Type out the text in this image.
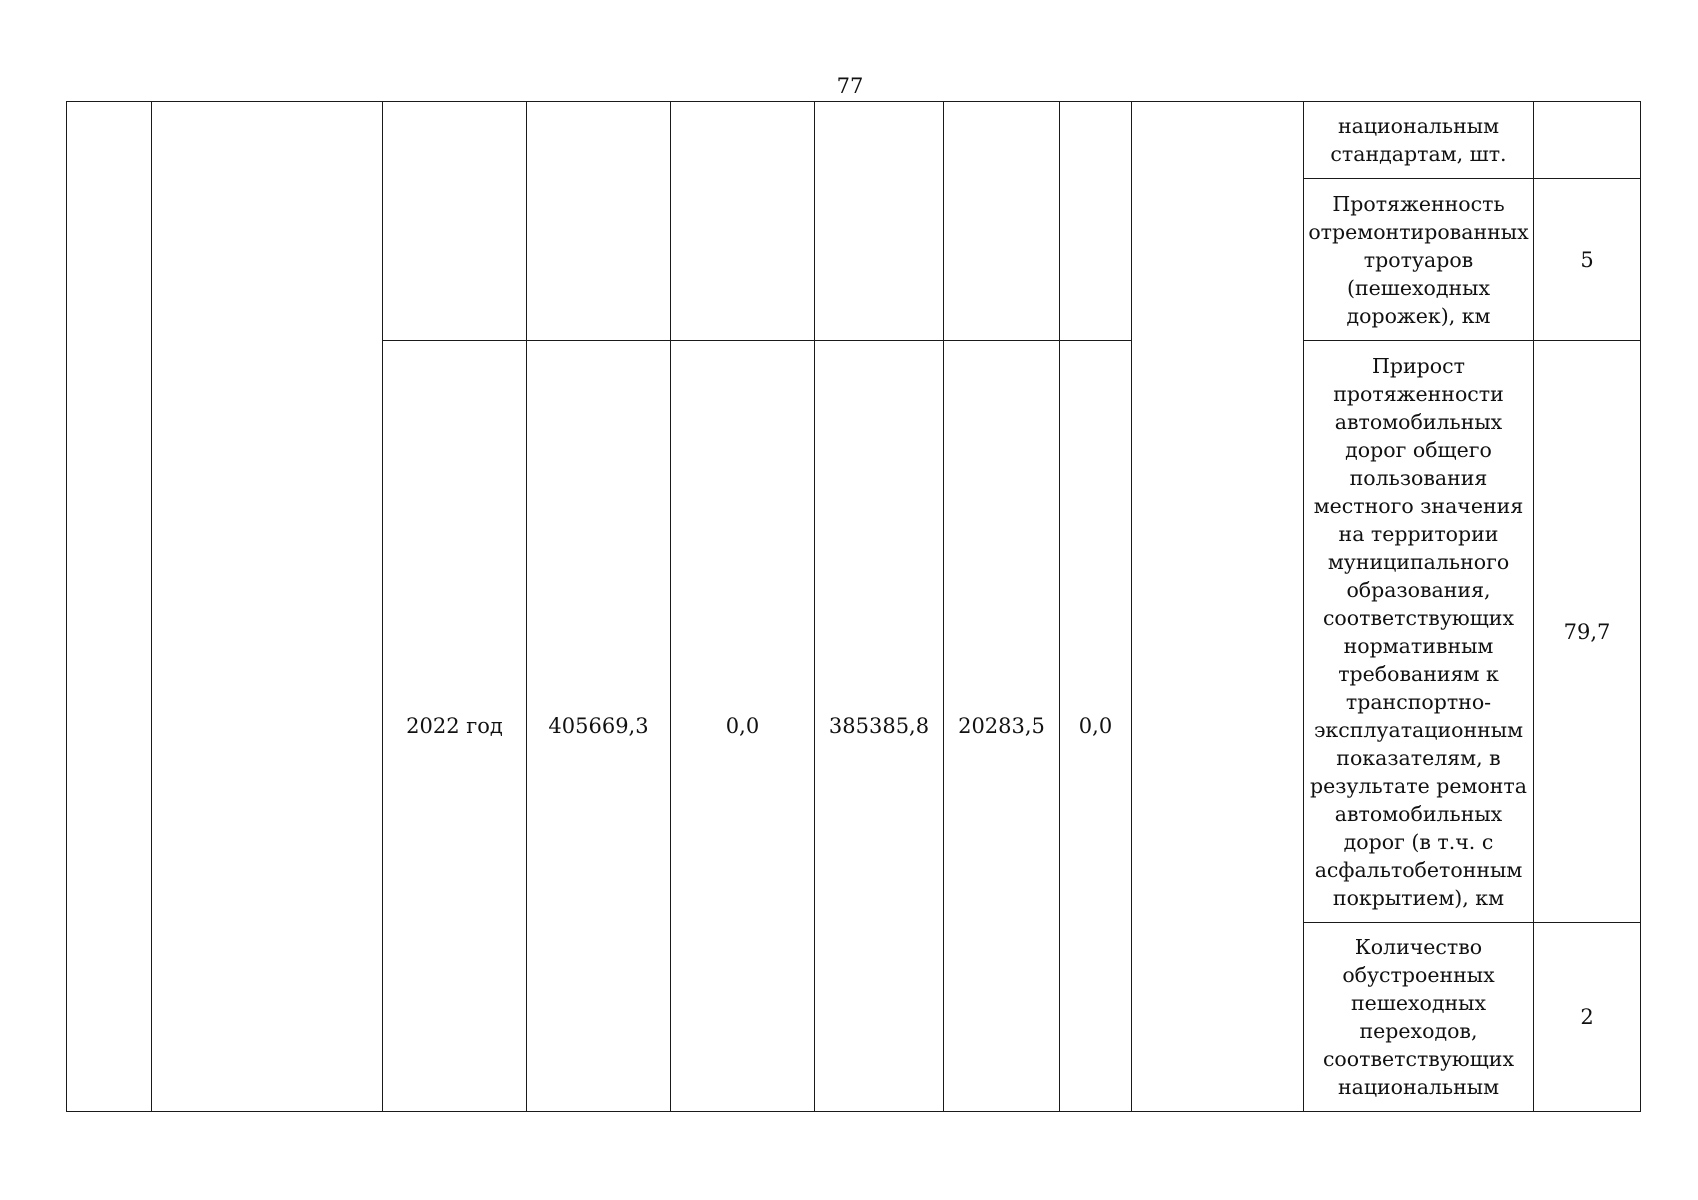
77
									национальным стандартам, шт.	
									Протяженность отремонтированных тротуаров (пешеходных дорожек), км	5
		2022 год	405669,3	0,0	385385,8	20283,5	0,0		Прирост протяженности автомобильных дорог общего пользования местного значения на территории муниципального образования, соответствующих нормативным требованиям к транспортно-эксплуатационным показателям, в результате ремонта автомобильных дорог (в т.ч. с асфальтобетонным покрытием), км	79,7
									Количество обустроенных пешеходных переходов, соответствующих национальным	2
